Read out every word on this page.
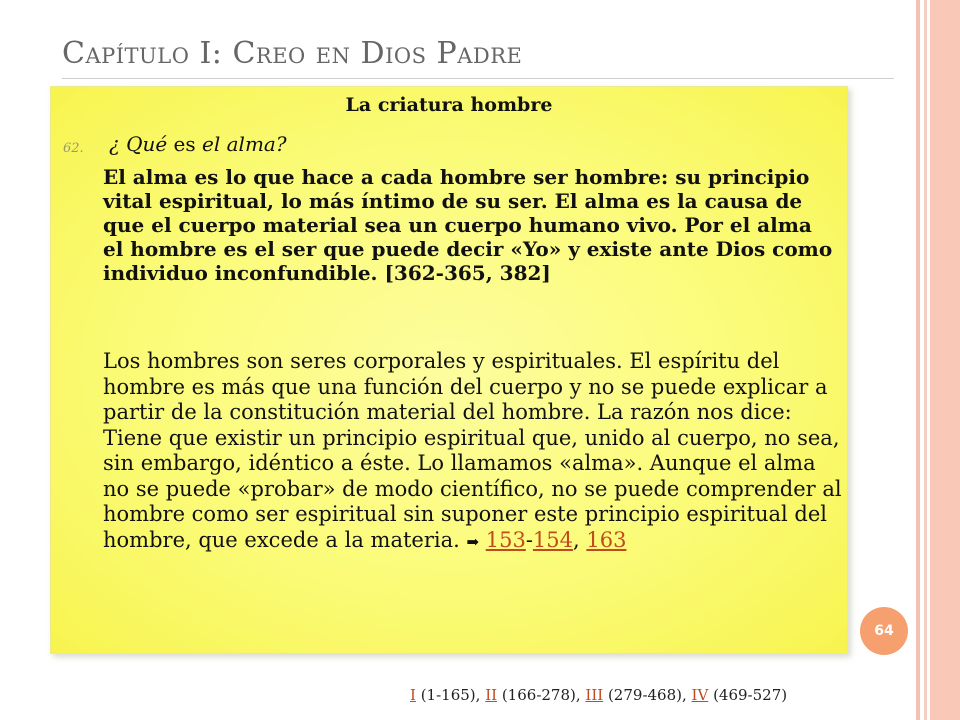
Capítulo I: Creo en Dios Padre
La criatura hombre
62. ¿ Qué es el alma?

El alma es lo que hace a cada hombre ser hombre: su principio vital espiritual, lo más íntimo de su ser. El alma es la causa de que el cuerpo material sea un cuerpo humano vivo. Por el alma el hombre es el ser que puede decir «Yo» y existe ante Dios como individuo inconfundible. [362-365, 382]

Los hombres son seres corporales y espirituales. El espíritu del hombre es más que una función del cuerpo y no se puede explicar a partir de la constitución material del hombre. La razón nos dice: Tiene que existir un principio espiritual que, unido al cuerpo, no sea, sin embargo, idéntico a éste. Lo llamamos «alma». Aunque el alma no se puede «probar» de modo científico, no se puede comprender al hombre como ser espiritual sin suponer este principio espiritual del hombre, que excede a la materia. ➡ 153-154, 163

64
I (1-165), II (166-278), III (279-468), IV (469-527)
